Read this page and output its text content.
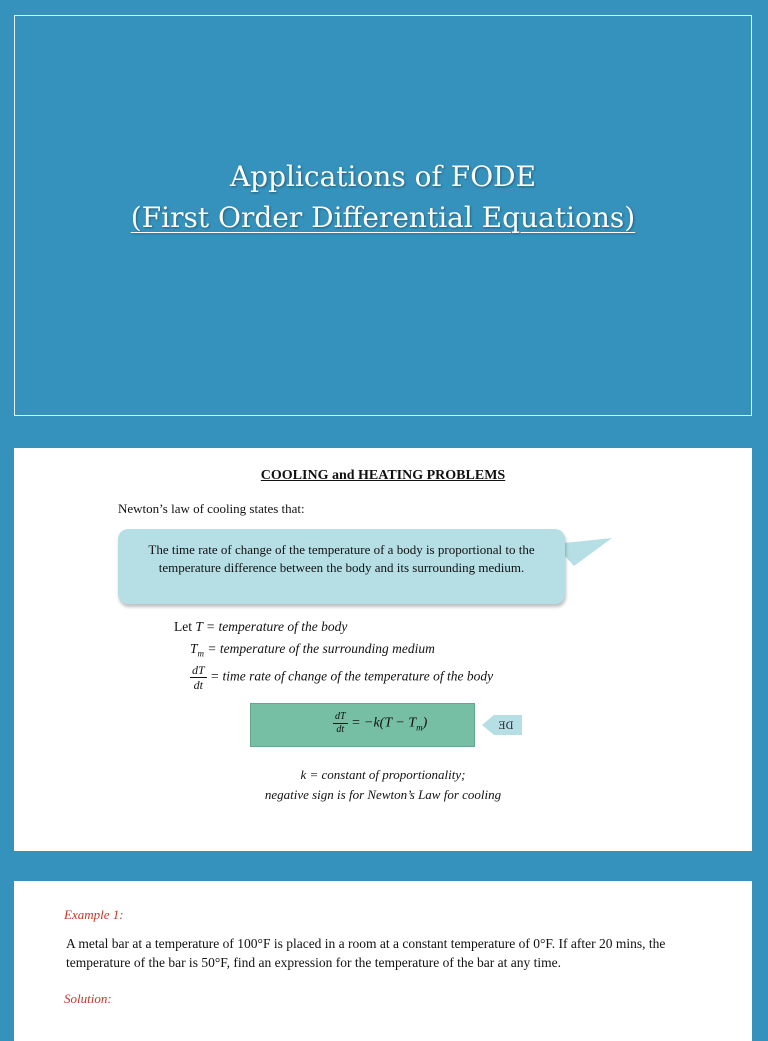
Applications of FODE
(First Order Differential Equations)
COOLING and HEATING PROBLEMS
Newton’s law of cooling states that:
The time rate of change of the temperature of a body is proportional to the temperature difference between the body and its surrounding medium.
Let T = temperature of the body
$T_m$ = temperature of the surrounding medium
$\frac{dT}{dt}$ = time rate of change of the temperature of the body
$\frac{dT}{dt} = -k(T - T_m)$	DE
k = constant of proportionality;
negative sign is for Newton’s Law for cooling
Example 1:
A metal bar at a temperature of 100°F is placed in a room at a constant temperature of 0°F. If after 20 mins, the temperature of the bar is 50°F, find an expression for the temperature of the bar at any time.
Solution:
